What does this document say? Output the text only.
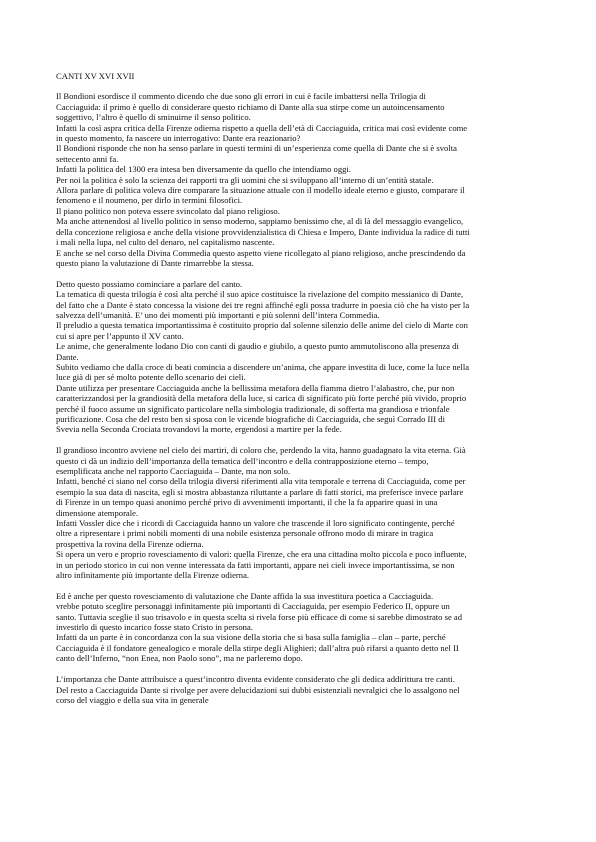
CANTI XV XVI XVII
Il Bondioni esordisce il commento dicendo che due sono gli errori in cui è facile imbattersi nella Trilogia di
Cacciaguida: il primo è quello di considerare questo richiamo di Dante alla sua stirpe come un autoincensamento
soggettivo, l’altro è quello di sminuirne il senso politico.
Infatti la così aspra critica della Firenze odierna rispetto a quella dell’età di Cacciaguida, critica mai così evidente come
in questo momento, fa nascere un interrogativo: Dante era reazionario?
Il Bondioni risponde che non ha senso parlare in questi termini di un’esperienza come quella di Dante che si è svolta
settecento anni fa.
Infatti la politica del 1300 era intesa ben diversamente da quello che intendiamo oggi.
Per noi la politica è solo la scienza dei rapporti tra gli uomini che si sviluppano all’interno di un’entità statale.
Allora parlare di politica voleva dire comparare la situazione attuale con il modello ideale eterno e giusto, comparare il
fenomeno e il noumeno, per dirlo in termini filosofici.
Il piano politico non poteva essere svincolato dal piano religioso.
Ma anche attenendosi al livello politico in senso moderno, sappiamo benissimo che, al di là del messaggio evangelico,
della concezione religiosa e anche della visione provvidenzialistica di Chiesa e Impero, Dante individua la radice di tutti
i mali nella lupa, nel culto del denaro, nel capitalismo nascente.
E anche se nel corso della Divina Commedia questo aspetto viene ricollegato al piano religioso, anche prescindendo da
questo piano la valutazione di Dante rimarrebbe la stessa.
Detto questo possiamo cominciare a parlare del canto.
La tematica di questa trilogia è così alta perché il suo apice costituisce la rivelazione del compito messianico di Dante,
del fatto che a Dante è stato concessa la visione dei tre regni affinché egli possa tradurre in poesia ciò che ha visto per la
salvezza dell’umanità. E’ uno dei momenti più importanti e più solenni dell’intera Commedia.
Il preludio a questa tematica importantissima è costituito proprio dal solenne silenzio delle anime del cielo di Marte con
cui si apre per l’appunto il XV canto.
Le anime, che generalmente lodano Dio con canti di gaudio e giubilo, a questo punto ammutoliscono alla presenza di
Dante.
Subito vediamo che dalla croce di beati comincia a discendere un’anima, che appare investita di luce, come la luce nella
luce già di per sé molto potente dello scenario dei cieli.
Dante utilizza per presentare Cacciaguida anche la bellissima metafora della fiamma dietro l’alabastro, che, pur non
caratterizzandosi per la grandiosità della metafora della luce, si carica di significato più forte perché più vivido, proprio
perché il fuoco assume un significato particolare nella simbologia tradizionale, di sofferta ma grandiosa e trionfale
purificazione. Cosa che del resto ben si sposa con le vicende biografiche di Cacciaguida, che seguì Corrado III di
Svevia nella Seconda Crociata trovandovi la morte, ergendosi a martire per la fede.
Il grandioso incontro avviene nel cielo dei martiri, di coloro che, perdendo la vita, hanno guadagnato la vita eterna. Già
questo ci dà un indizio dell’importanza della tematica dell’incontro e della contrapposizione eterno – tempo,
esemplificata anche nel rapporto Cacciaguida – Dante, ma non solo.
Infatti, benché ci siano nel corso della trilogia diversi riferimenti alla vita temporale e terrena di Cacciaguida, come per
esempio la sua data di nascita, egli si mostra abbastanza riluttante a parlare di fatti storici, ma preferisce invece parlare
di Firenze in un tempo quasi anonimo perché privo di avvenimenti importanti, il che la fa apparire quasi in una
dimensione atemporale.
Infatti Vossler dice che i ricordi di Cacciaguida hanno un valore che trascende il loro significato contingente, perché
oltre a ripresentare i primi nobili momenti di una nobile esistenza personale offrono modo di mirare in tragica
prospettiva la rovina della Firenze odierna.
Si opera un vero e proprio rovesciamento di valori: quella Firenze, che era una cittadina molto piccola e poco influente,
in un periodo storico in cui non venne interessata da fatti importanti, appare nei cieli invece importantissima, se non
altro infinitamente più importante della Firenze odierna.
Ed è anche per questo rovesciamento di valutazione che Dante affida la sua investitura poetica a Cacciaguida.
vrebbe potuto sceglire personaggi infinitamente più importanti di Cacciaguida, per esempio Federico II, oppure un
santo. Tuttavia sceglie il suo trisavolo e in questa scelta si rivela forse più efficace di come si sarebbe dimostrato se ad
investirlo di questo incarico fosse stato Cristo in persona.
Infatti da un parte è in concordanza con la sua visione della storia che si basa sulla famiglia – clan – parte, perché
Cacciaguida è il fondatore genealogico e morale della stirpe degli Alighieri; dall’altra può rifarsi a quanto detto nel II
canto dell’Inferno, “non Enea, non Paolo sono”, ma ne parleremo dopo.
L’importanza che Dante attribuisce a quest’incontro diventa evidente considerato che gli dedica addirittura tre canti.
Del resto a Cacciaguida Dante si rivolge per avere delucidazioni sui dubbi esistenziali nevralgici che lo assalgono nel
corso del viaggio e della sua vita in generale
